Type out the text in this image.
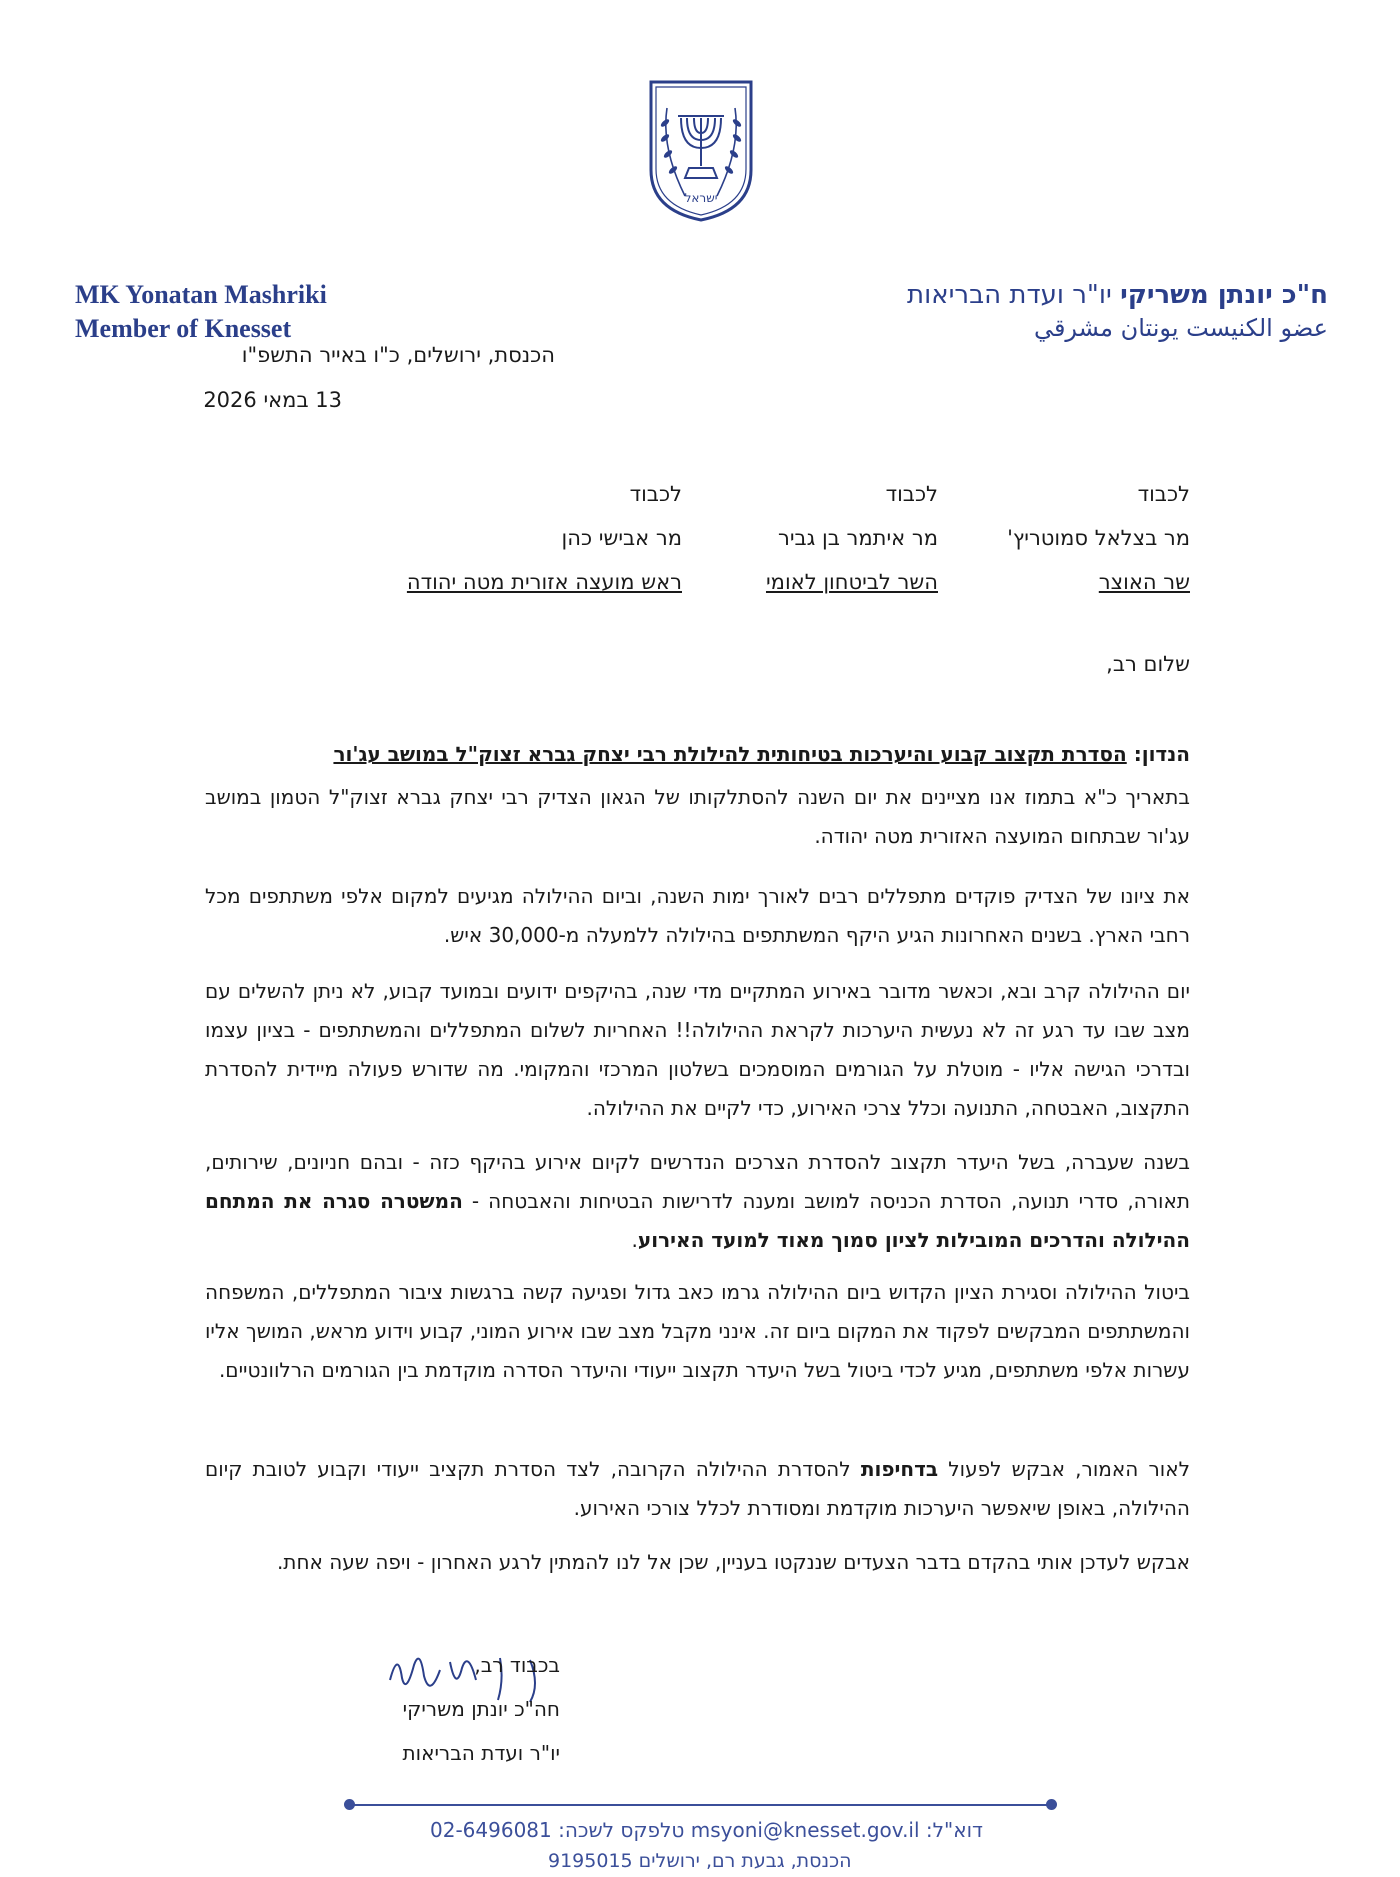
ישראל
MK Yonatan Mashriki
Member of Knesset
ח"כ יונתן משריקי יו"ר ועדת הבריאות
عضو الكنيست يونتان مشرقي
הכנסת, ירושלים, כ"ו באייר התשפ"ו
13 במאי 2026
לכבוד
מר בצלאל סמוטריץ'
שר האוצר
לכבוד
מר איתמר בן גביר
השר לביטחון לאומי
לכבוד
מר אבישי כהן
ראש מועצה אזורית מטה יהודה
שלום רב,
הנדון: הסדרת תקצוב קבוע והיערכות בטיחותית להילולת רבי יצחק גברא זצוק"ל במושב עג'ור
בתאריך כ"א בתמוז אנו מציינים את יום השנה להסתלקותו של הגאון הצדיק רבי יצחק גברא זצוק"ל הטמון במושב עג'ור שבתחום המועצה האזורית מטה יהודה.
את ציונו של הצדיק פוקדים מתפללים רבים לאורך ימות השנה, וביום ההילולה מגיעים למקום אלפי משתתפים מכל רחבי הארץ. בשנים האחרונות הגיע היקף המשתתפים בהילולה ללמעלה מ-30,000 איש.
יום ההילולה קרב ובא, וכאשר מדובר באירוע המתקיים מדי שנה, בהיקפים ידועים ובמועד קבוע, לא ניתן להשלים עם מצב שבו עד רגע זה לא נעשית היערכות לקראת ההילולה!! האחריות לשלום המתפללים והמשתתפים - בציון עצמו ובדרכי הגישה אליו - מוטלת על הגורמים המוסמכים בשלטון המרכזי והמקומי. מה שדורש פעולה מיידית להסדרת התקצוב, האבטחה, התנועה וכלל צרכי האירוע, כדי לקיים את ההילולה.
בשנה שעברה, בשל היעדר תקצוב להסדרת הצרכים הנדרשים לקיום אירוע בהיקף כזה - ובהם חניונים, שירותים, תאורה, סדרי תנועה, הסדרת הכניסה למושב ומענה לדרישות הבטיחות והאבטחה - המשטרה סגרה את המתחם ההילולה והדרכים המובילות לציון סמוך מאוד למועד האירוע.
ביטול ההילולה וסגירת הציון הקדוש ביום ההילולה גרמו כאב גדול ופגיעה קשה ברגשות ציבור המתפללים, המשפחה והמשתתפים המבקשים לפקוד את המקום ביום זה. אינני מקבל מצב שבו אירוע המוני, קבוע וידוע מראש, המושך אליו עשרות אלפי משתתפים, מגיע לכדי ביטול בשל היעדר תקצוב ייעודי והיעדר הסדרה מוקדמת בין הגורמים הרלוונטיים.
לאור האמור, אבקש לפעול בדחיפות להסדרת ההילולה הקרובה, לצד הסדרת תקציב ייעודי וקבוע לטובת קיום ההילולה, באופן שיאפשר היערכות מוקדמת ומסודרת לכלל צורכי האירוע.
אבקש לעדכן אותי בהקדם בדבר הצעדים שננקטו בעניין, שכן אל לנו להמתין לרגע האחרון - ויפה שעה אחת.
בכבוד רב,
חה"כ יונתן משריקי
יו"ר ועדת הבריאות
דוא"ל: msyoni@knesset.gov.il טלפקס לשכה: 02-6496081
הכנסת, גבעת רם, ירושלים 9195015
